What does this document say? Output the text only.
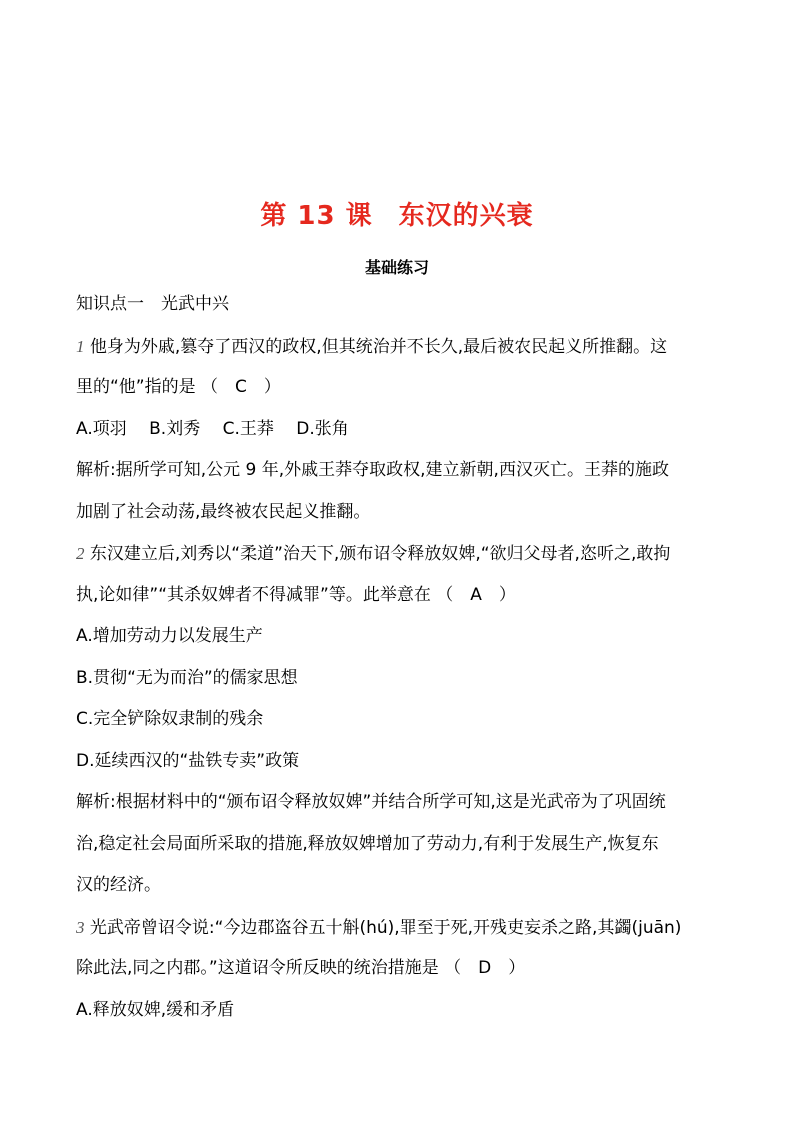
第 13 课 东汉的兴衰
基础练习
知识点一　光武中兴
1 他身为外戚,篡夺了西汉的政权,但其统治并不长久,最后被农民起义所推翻。这
里的“他”指的是 （　C　）
A.项羽　 B.刘秀　 C.王莽　 D.张角
解析:据所学可知,公元 9 年,外戚王莽夺取政权,建立新朝,西汉灭亡。王莽的施政
加剧了社会动荡,最终被农民起义推翻。
2 东汉建立后,刘秀以“柔道”治天下,颁布诏令释放奴婢,“欲归父母者,恣听之,敢拘
执,论如律”“其杀奴婢者不得减罪”等。此举意在 （　A　）
A.增加劳动力以发展生产
B.贯彻“无为而治”的儒家思想
C.完全铲除奴隶制的残余
D.延续西汉的“盐铁专卖”政策
解析:根据材料中的“颁布诏令释放奴婢”并结合所学可知,这是光武帝为了巩固统
治,稳定社会局面所采取的措施,释放奴婢增加了劳动力,有利于发展生产,恢复东
汉的经济。
3 光武帝曾诏令说:“今边郡盗谷五十斛(hú),罪至于死,开残吏妄杀之路,其蠲(juān)
除此法,同之内郡。”这道诏令所反映的统治措施是 （　D　）
A.释放奴婢,缓和矛盾
